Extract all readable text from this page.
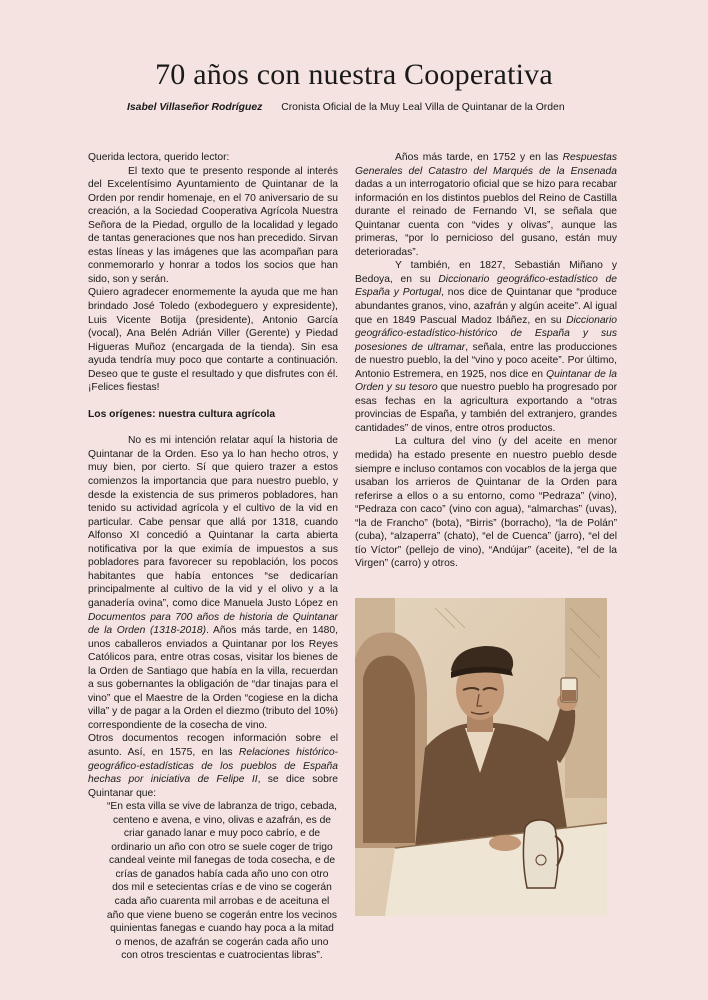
70 años con nuestra Cooperativa
Isabel Villaseñor Rodríguez Cronista Oficial de la Muy Leal Villa de Quintanar de la Orden

Querida lectora, querido lector:

El texto que te presento responde al interés del Excelentísimo Ayuntamiento de Quintanar de la Orden por rendir homenaje, en el 70 aniversario de su creación, a la Sociedad Cooperativa Agrícola Nuestra Señora de la Piedad, orgullo de la localidad y legado de tantas generaciones que nos han precedido. Sirvan estas líneas y las imágenes que las acompañan para conmemorarlo y honrar a todos los socios que han sido, son y serán.

Quiero agradecer enormemente la ayuda que me han brindado José Toledo (exbodeguero y expresidente), Luis Vicente Botija (presidente), Antonio García (vocal), Ana Belén Adrián Viller (Gerente) y Piedad Higueras Muñoz (encargada de la tienda). Sin esa ayuda tendría muy poco que contarte a continuación. Deseo que te guste el resultado y que disfrutes con él. ¡Felices fiestas!

Los orígenes: nuestra cultura agrícola

No es mi intención relatar aquí la historia de Quintanar de la Orden. Eso ya lo han hecho otros, y muy bien, por cierto. Sí que quiero trazer a estos comienzos la importancia que para nuestro pueblo, y desde la existencia de sus primeros pobladores, han tenido su actividad agrícola y el cultivo de la vid en particular. Cabe pensar que allá por 1318, cuando Alfonso XI concedió a Quintanar la carta abierta notificativa por la que eximía de impuestos a sus pobladores para favorecer su repoblación, los pocos habitantes que había entonces “se dedicarían principalmente al cultivo de la vid y el olivo y a la ganadería ovina”, como dice Manuela Justo López en Documentos para 700 años de historia de Quintanar de la Orden (1318-2018). Años más tarde, en 1480, unos caballeros enviados a Quintanar por los Reyes Católicos para, entre otras cosas, visitar los bienes de la Orden de Santiago que había en la villa, recuerdan a sus gobernantes la obligación de “dar tinajas para el vino” que el Maestre de la Orden “cogiese en la dicha villa” y de pagar a la Orden el diezmo (tributo del 10%) correspondiente de la cosecha de vino.

Otros documentos recogen información sobre el asunto. Así, en 1575, en las Relaciones histórico-geográfico-estadísticas de los pueblos de España hechas por iniciativa de Felipe II, se dice sobre Quintanar que:

“En esta villa se vive de labranza de trigo, cebada, centeno e avena, e vino, olivas e azafrán, es de criar ganado lanar e muy poco cabrío, e de ordinario un año con otro se suele coger de trigo candeal veinte mil fanegas de toda cosecha, e de crías de ganados había cada año uno con otro dos mil e setecientas crías e de vino se cogerán cada año cuarenta mil arrobas e de aceituna el año que viene bueno se cogerán entre los vecinos quinientas fanegas e cuando hay poca a la mitad o menos, de azafrán se cogerán cada año uno con otros trescientas e cuatrocientas libras”.

Años más tarde, en 1752 y en las Respuestas Generales del Catastro del Marqués de la Ensenada dadas a un interrogatorio oficial que se hizo para recabar información en los distintos pueblos del Reino de Castilla durante el reinado de Fernando VI, se señala que Quintanar cuenta con “vides y olivas”, aunque las primeras, “por lo pernicioso del gusano, están muy deterioradas”.

Y también, en 1827, Sebastián Miñano y Bedoya, en su Diccionario geográfico-estadístico de España y Portugal, nos dice de Quintanar que “produce abundantes granos, vino, azafrán y algún aceite”. Al igual que en 1849 Pascual Madoz Ibáñez, en su Diccionario geográfico-estadístico-histórico de España y sus posesiones de ultramar, señala, entre las producciones de nuestro pueblo, la del “vino y poco aceite”. Por último, Antonio Estremera, en 1925, nos dice en Quintanar de la Orden y su tesoro que nuestro pueblo ha progresado por esas fechas en la agricultura exportando a “otras provincias de España, y también del extranjero, grandes cantidades” de vinos, entre otros productos.

La cultura del vino (y del aceite en menor medida) ha estado presente en nuestro pueblo desde siempre e incluso contamos con vocablos de la jerga que usaban los arrieros de Quintanar de la Orden para referirse a ellos o a su entorno, como “Pedraza” (vino), “Pedraza con caco” (vino con agua), “almarchas” (uvas), “la de Francho” (bota), “Birris” (borracho), “la de Polán” (cuba), “alzaperra” (chato), “el de Cuenca” (jarro), “el del tío Víctor” (pellejo de vino), “Andújar” (aceite), “el de la Virgen” (carro) y otros.
